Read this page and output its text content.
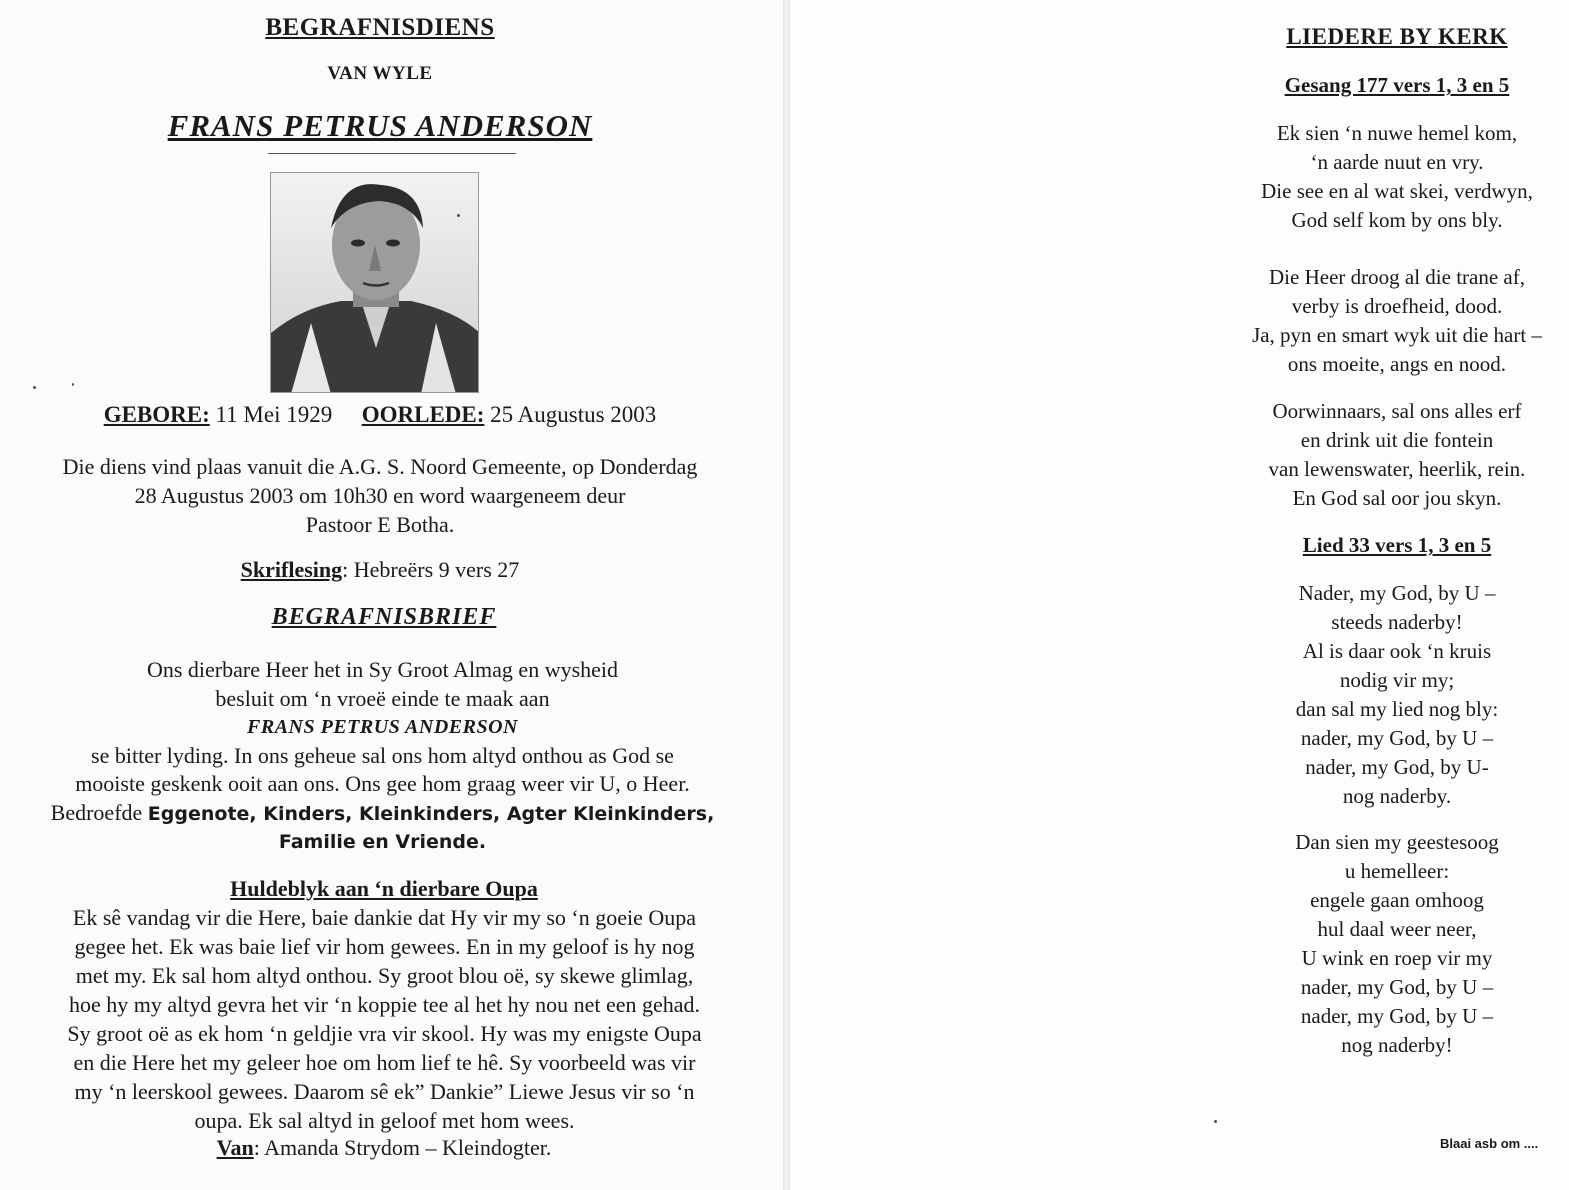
BEGRAFNISDIENS
VAN WYLE
FRANS PETRUS ANDERSON
GEBORE: 11 Mei 1929 OORLEDE: 25 Augustus 2003
Die diens vind plaas vanuit die A.G. S. Noord Gemeente, op Donderdag
28 Augustus 2003 om 10h30 en word waargeneem deur
Pastoor E Botha.
Skriflesing: Hebreërs 9 vers 27
BEGRAFNISBRIEF
Ons dierbare Heer het in Sy Groot Almag en wysheid
besluit om ‘n vroeë einde te maak aan
FRANS PETRUS ANDERSON
se bitter lyding. In ons geheue sal ons hom altyd onthou as God se
mooiste geskenk ooit aan ons. Ons gee hom graag weer vir U, o Heer.
Bedroefde Eggenote, Kinders, Kleinkinders, Agter Kleinkinders,
Familie en Vriende.
Huldeblyk aan ‘n dierbare Oupa
Ek sê vandag vir die Here, baie dankie dat Hy vir my so ‘n goeie Oupa
gegee het. Ek was baie lief vir hom gewees. En in my geloof is hy nog
met my. Ek sal hom altyd onthou. Sy groot blou oë, sy skewe glimlag,
hoe hy my altyd gevra het vir ‘n koppie tee al het hy nou net een gehad.
Sy groot oë as ek hom ‘n geldjie vra vir skool. Hy was my enigste Oupa
en die Here het my geleer hoe om hom lief te hê. Sy voorbeeld was vir
my ‘n leerskool gewees. Daarom sê ek” Dankie” Liewe Jesus vir so ‘n
oupa. Ek sal altyd in geloof met hom wees.
Van: Amanda Strydom – Kleindogter.
LIEDERE BY KERK
Gesang 177 vers 1, 3 en 5
Ek sien ‘n nuwe hemel kom,
‘n aarde nuut en vry.
Die see en al wat skei, verdwyn,
God self kom by ons bly.
Die Heer droog al die trane af,
verby is droefheid, dood.
Ja, pyn en smart wyk uit die hart –
ons moeite, angs en nood.
Oorwinnaars, sal ons alles erf
en drink uit die fontein
van lewenswater, heerlik, rein.
En God sal oor jou skyn.
Lied 33 vers 1, 3 en 5
Nader, my God, by U –
steeds naderby!
Al is daar ook ‘n kruis
nodig vir my;
dan sal my lied nog bly:
nader, my God, by U –
nader, my God, by U-
nog naderby.
Dan sien my geestesoog
u hemelleer:
engele gaan omhoog
hul daal weer neer,
U wink en roep vir my
nader, my God, by U –
nader, my God, by U –
nog naderby!
Blaai asb om ....
